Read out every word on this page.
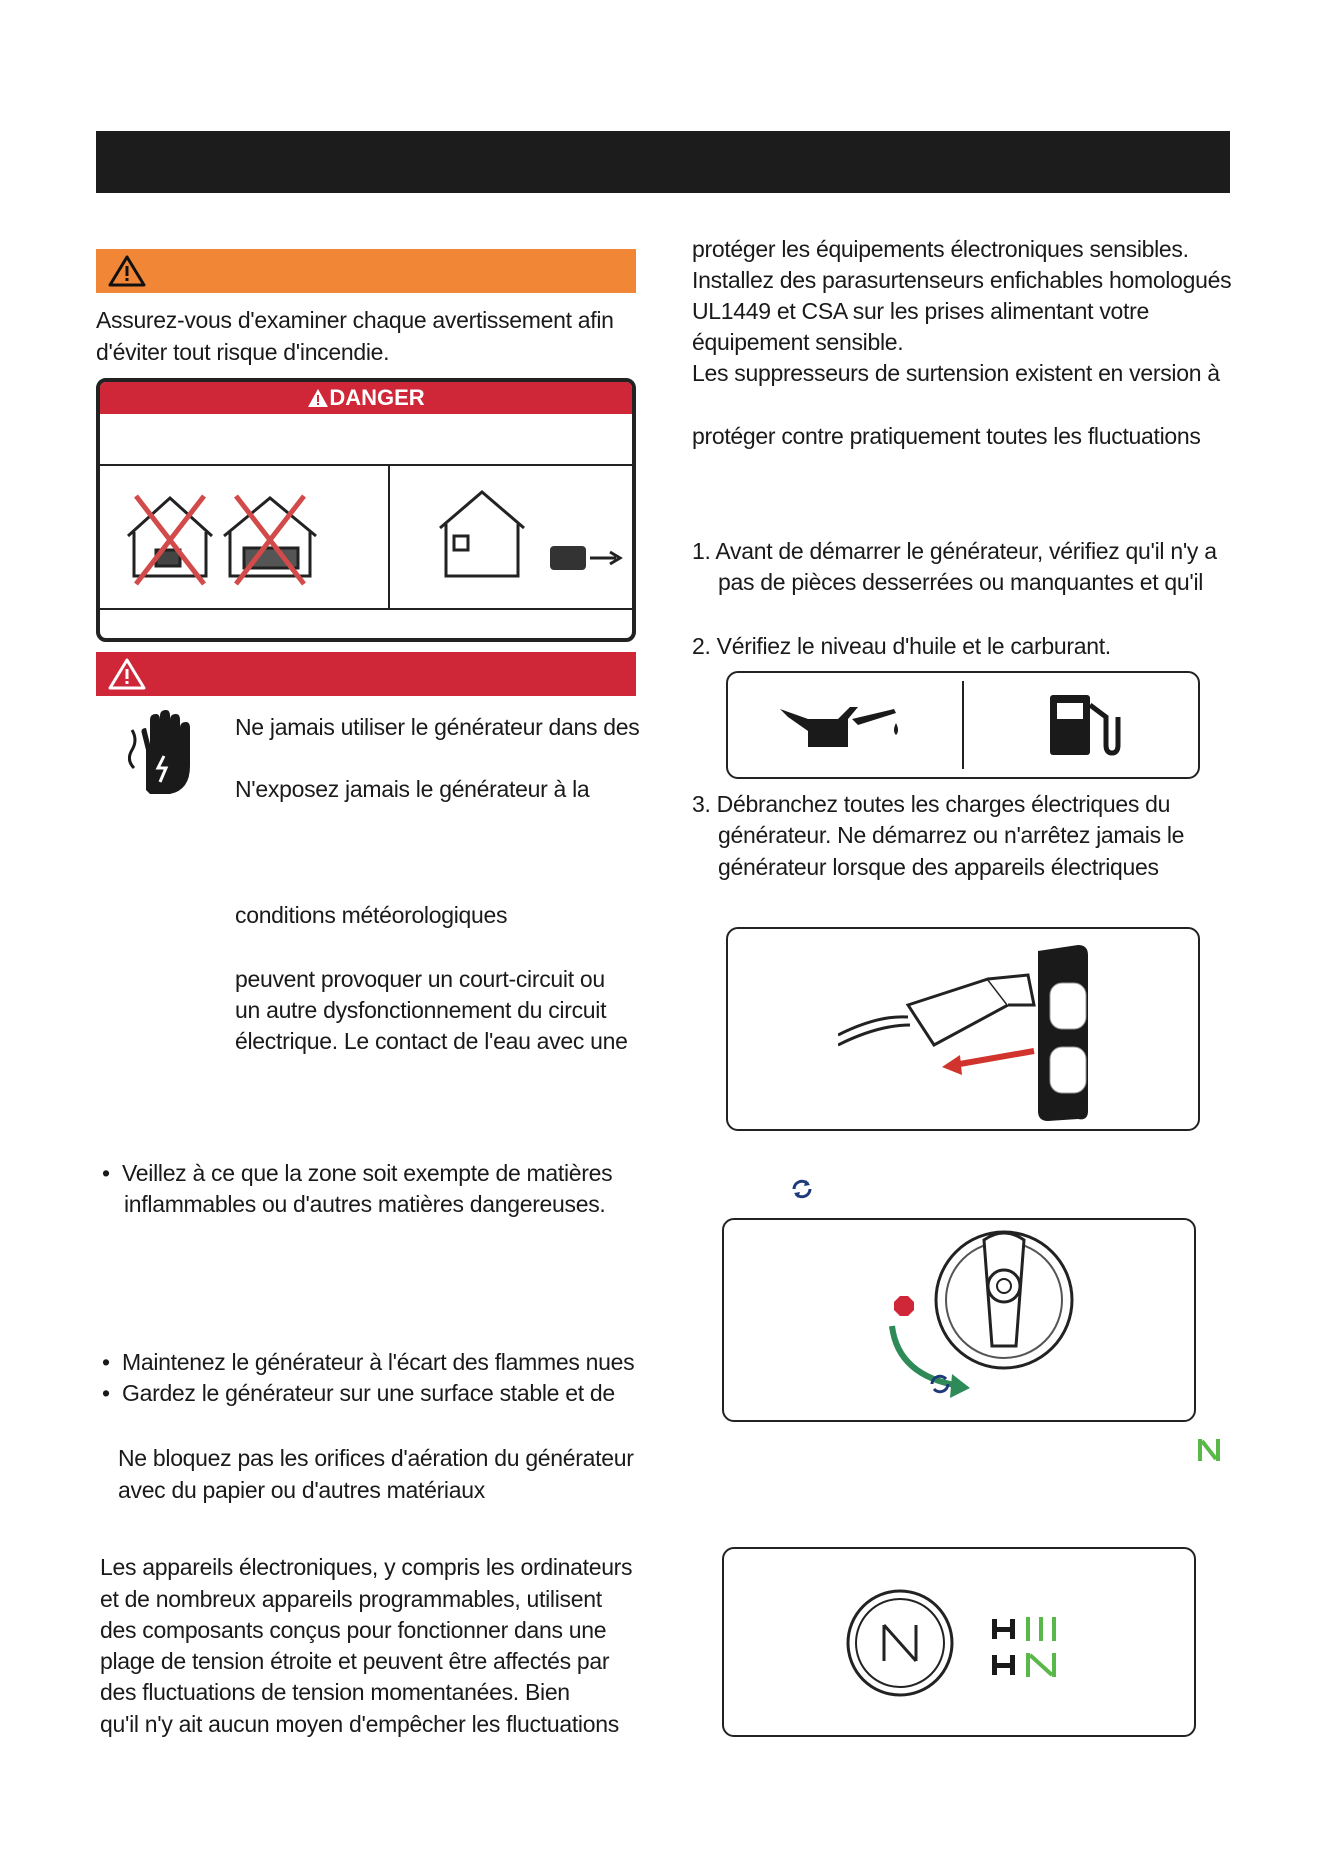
Assurez-vous d'examiner chaque avertissement afin
d'éviter tout risque d'incendie.
DANGER
Ne jamais utiliser le générateur dans des
N'exposez jamais le générateur à la
conditions météorologiques
peuvent provoquer un court-circuit ou
un autre dysfonctionnement du circuit
électrique. Le contact de l'eau avec une
• Veillez à ce que la zone soit exempte de matières
inflammables ou d'autres matières dangereuses.
• Maintenez le générateur à l'écart des flammes nues
• Gardez le générateur sur une surface stable et de
Ne bloquez pas les orifices d'aération du générateur
avec du papier ou d'autres matériaux
Les appareils électroniques, y compris les ordinateurs
et de nombreux appareils programmables, utilisent
des composants conçus pour fonctionner dans une
plage de tension étroite et peuvent être affectés par
des fluctuations de tension momentanées. Bien
qu'il n'y ait aucun moyen d'empêcher les fluctuations
protéger les équipements électroniques sensibles.
Installez des parasurtenseurs enfichables homologués
UL1449 et CSA sur les prises alimentant votre
équipement sensible.
Les suppresseurs de surtension existent en version à
protéger contre pratiquement toutes les fluctuations
1. Avant de démarrer le générateur, vérifiez qu'il n'y a
pas de pièces desserrées ou manquantes et qu'il
2. Vérifiez le niveau d'huile et le carburant.
3. Débranchez toutes les charges électriques du
générateur. Ne démarrez ou n'arrêtez jamais le
générateur lorsque des appareils électriques
